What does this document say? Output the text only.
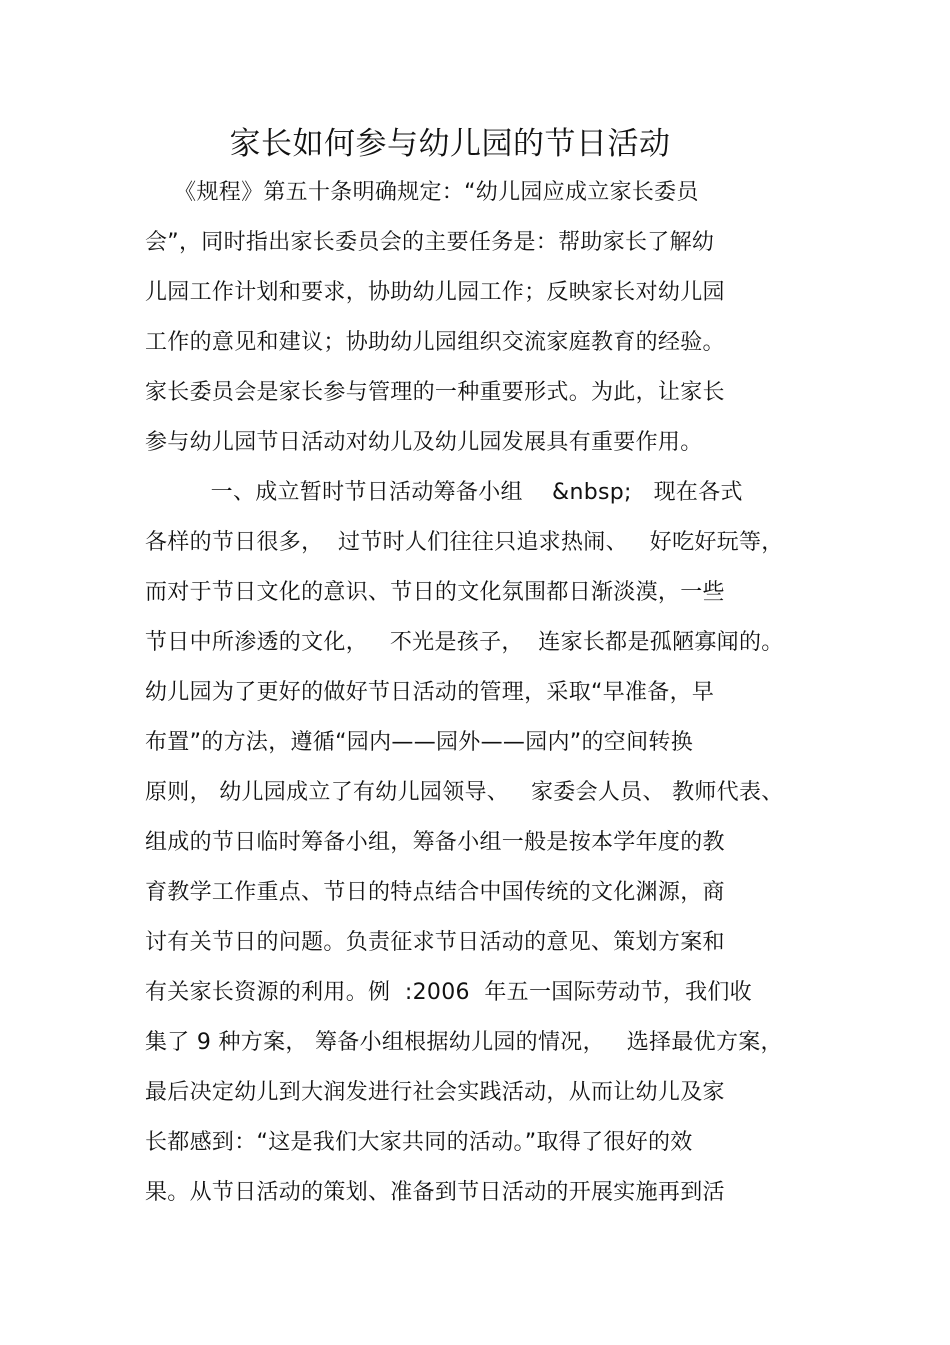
家长如何参与幼儿园的节日活动
《规程》第五十条明确规定：“幼儿园应成立家长委员
会”，同时指出家长委员会的主要任务是：帮助家长了解幼
儿园工作计划和要求，协助幼儿园工作；反映家长对幼儿园
工作的意见和建议；协助幼儿园组织交流家庭教育的经验。
家长委员会是家长参与管理的一种重要形式。为此，让家长
参与幼儿园节日活动对幼儿及幼儿园发展具有重要作用。
一、成立暂时节日活动筹备小组    &nbsp;   现在各式
各样的节日很多，  过节时人们往往只追求热闹、   好吃好玩等，
而对于节日文化的意识、节日的文化氛围都日渐淡漠，一些
节日中所渗透的文化，   不光是孩子，  连家长都是孤陋寡闻的。
幼儿园为了更好的做好节日活动的管理，采取“早准备，早
布置”的方法，遵循“园内——园外——园内”的空间转换
原则， 幼儿园成立了有幼儿园领导、   家委会人员、 教师代表、
组成的节日临时筹备小组，筹备小组一般是按本学年度的教
育教学工作重点、节日的特点结合中国传统的文化渊源，商
讨有关节日的问题。负责征求节日活动的意见、策划方案和
有关家长资源的利用。例  :2006  年五一国际劳动节，我们收
集了 9 种方案， 筹备小组根据幼儿园的情况，   选择最优方案，
最后决定幼儿到大润发进行社会实践活动，从而让幼儿及家
长都感到：“这是我们大家共同的活动。”取得了很好的效
果。从节日活动的策划、准备到节日活动的开展实施再到活
